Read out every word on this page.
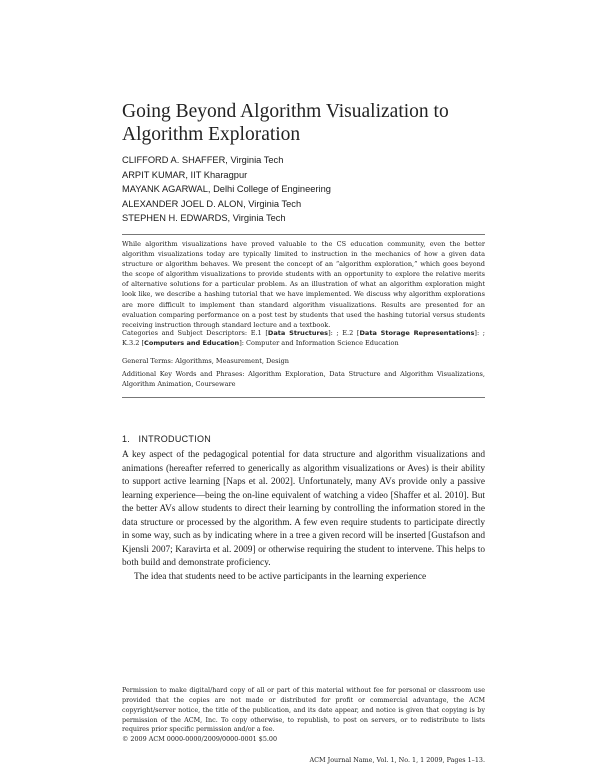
Going Beyond Algorithm Visualization to
Algorithm Exploration
CLIFFORD A. SHAFFER, Virginia Tech
ARPIT KUMAR, IIT Kharagpur
MAYANK AGARWAL, Delhi College of Engineering
ALEXANDER JOEL D. ALON, Virginia Tech
STEPHEN H. EDWARDS, Virginia Tech

While algorithm visualizations have proved valuable to the CS education community, even the better algorithm visualizations today are typically limited to instruction in the mechanics of how a given data structure or algorithm behaves. We present the concept of an “algorithm exploration,” which goes beyond the scope of algorithm visualizations to provide students with an opportunity to explore the relative merits of alternative solutions for a particular problem. As an illustration of what an algorithm exploration might look like, we describe a hashing tutorial that we have implemented. We discuss why algorithm explorations are more difficult to implement than standard algorithm visualizations. Results are presented for an evaluation comparing performance on a post test by students that used the hashing tutorial versus students receiving instruction through standard lecture and a textbook.

Categories and Subject Descriptors: E.1 [Data Structures]: ; E.2 [Data Storage Representations]: ; K.3.2 [Computers and Education]: Computer and Information Science Education
General Terms: Algorithms, Measurement, Design
Additional Key Words and Phrases: Algorithm Exploration, Data Structure and Algorithm Visualizations, Algorithm Animation, Courseware
1. INTRODUCTION

A key aspect of the pedagogical potential for data structure and algorithm visualizations and animations (hereafter referred to generically as algorithm visualizations or Aves) is their ability to support active learning [Naps et al. 2002]. Unfortunately, many AVs provide only a passive learning experience—being the on-line equivalent of watching a video [Shaffer et al. 2010]. But the better AVs allow students to direct their learning by controlling the information stored in the data structure or processed by the algorithm. A few even require students to participate directly in some way, such as by indicating where in a tree a given record will be inserted [Gustafson and Kjensli 2007; Karavirta et al. 2009] or otherwise requiring the student to intervene. This helps to both build and demonstrate proficiency.

The idea that students need to be active participants in the learning experience

Permission to make digital/hard copy of all or part of this material without fee for personal or classroom use provided that the copies are not made or distributed for profit or commercial advantage, the ACM copyright/server notice, the title of the publication, and its date appear, and notice is given that copying is by permission of the ACM, Inc. To copy otherwise, to republish, to post on servers, or to redistribute to lists requires prior specific permission and/or a fee.
© 2009 ACM 0000-0000/2009/0000-0001 $5.00
ACM Journal Name, Vol. 1, No. 1, 1 2009, Pages 1–13.
